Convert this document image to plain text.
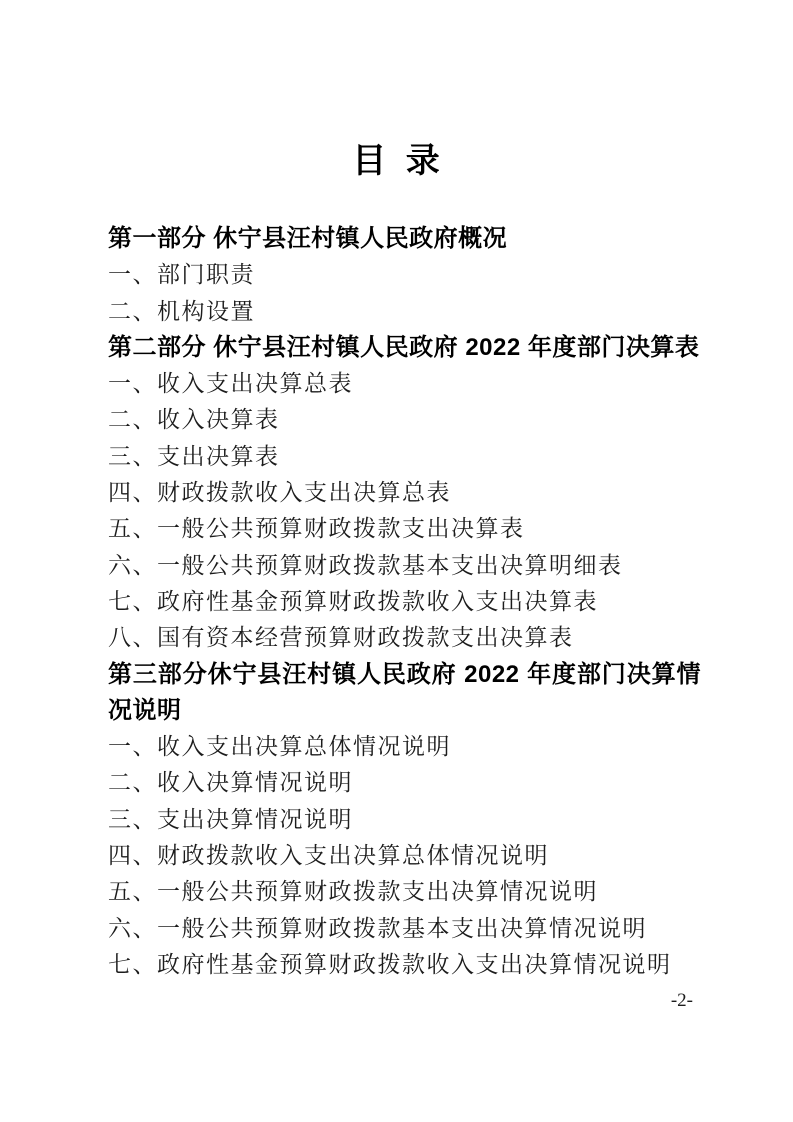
目 录
第一部分 休宁县汪村镇人民政府概况
一、部门职责
二、机构设置
第二部分 休宁县汪村镇人民政府 2022 年度部门决算表
一、收入支出决算总表
二、收入决算表
三、支出决算表
四、财政拨款收入支出决算总表
五、一般公共预算财政拨款支出决算表
六、一般公共预算财政拨款基本支出决算明细表
七、政府性基金预算财政拨款收入支出决算表
八、国有资本经营预算财政拨款支出决算表
第三部分休宁县汪村镇人民政府 2022 年度部门决算情况说明
一、收入支出决算总体情况说明
二、收入决算情况说明
三、支出决算情况说明
四、财政拨款收入支出决算总体情况说明
五、一般公共预算财政拨款支出决算情况说明
六、一般公共预算财政拨款基本支出决算情况说明
七、政府性基金预算财政拨款收入支出决算情况说明
-2-
